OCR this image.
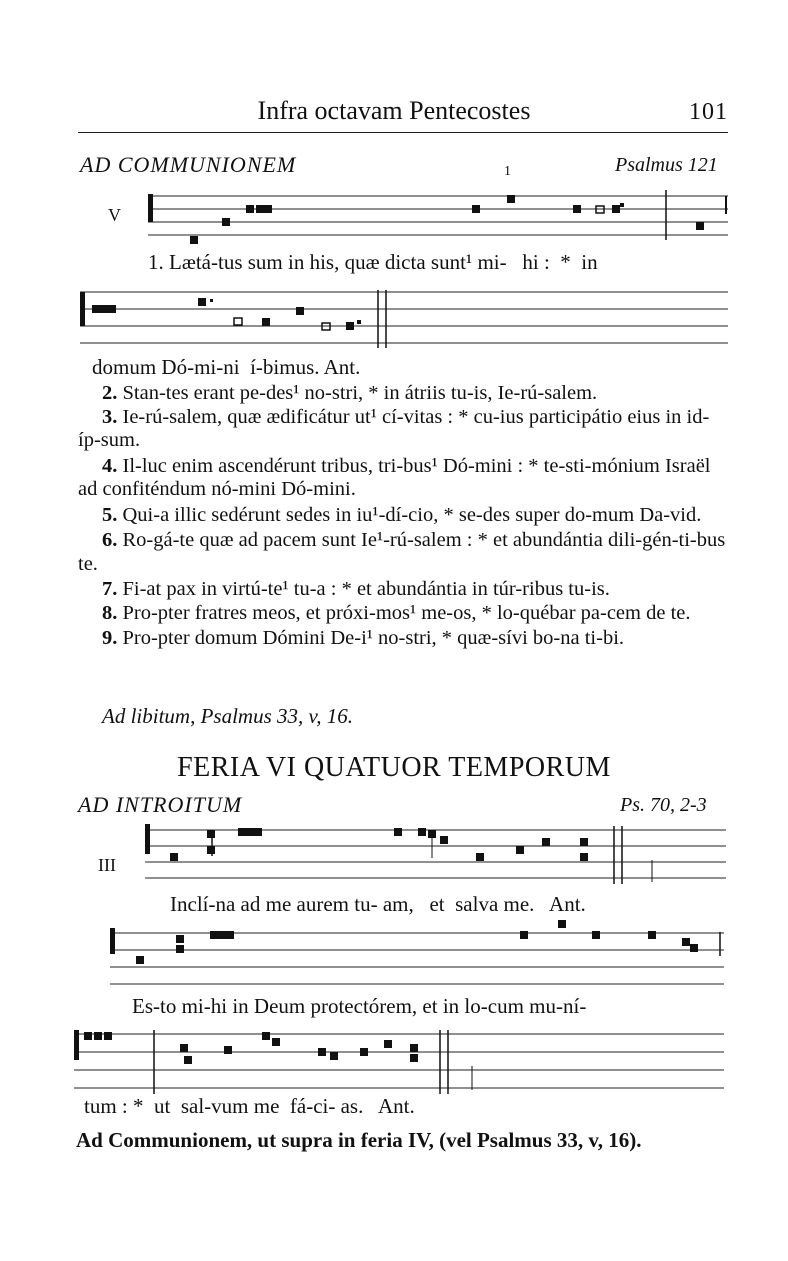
Infra octavam Pentecostes	101
AD COMMUNIONEM	1	Psalmus 121
V
1. Lætá-tus sum in his, quæ dicta sunt¹ mi-   hi :  *  in
domum Dó-mi-ni  í-bimus. Ant.

2. Stan-tes erant pe-des¹ no-stri, * in átriis tu-is, Ie-rú-salem.

3. Ie-rú-salem, quæ ædificátur ut¹ cí-vitas : * cu-ius participátio eius in id-íp-sum.

4. Il-luc enim ascendérunt tribus, tri-bus¹ Dó-mini : * te-sti-mónium Israël ad confiténdum nó-mini Dó-mini.

5. Qui-a illic sedérunt sedes in iu¹-dí-cio, * se-des super do-mum Da-vid.

6. Ro-gá-te quæ ad pacem sunt Ie¹-rú-salem : * et abundántia dili-gén-ti-bus te.

7. Fi-at pax in virtú-te¹ tu-a : * et abundántia in túr-ribus tu-is.

8. Pro-pter fratres meos, et próxi-mos¹ me-os, * lo-québar pa-cem de te.

9. Pro-pter domum Dómini De-i¹ no-stri, * quæ-sívi bo-na ti-bi.

Ad libitum, Psalmus 33, v, 16.
FERIA VI QUATUOR TEMPORUM
AD INTROITUM	Ps. 70, 2-3
III
Inclí-na ad me aurem tu- am,   et  salva me.   Ant.
Es-to mi-hi in Deum protectórem, et in lo-cum mu-ní-
tum : *  ut  sal-vum me  fá-ci- as.   Ant.
Ad Communionem, ut supra in feria IV, (vel Psalmus 33, v, 16).
